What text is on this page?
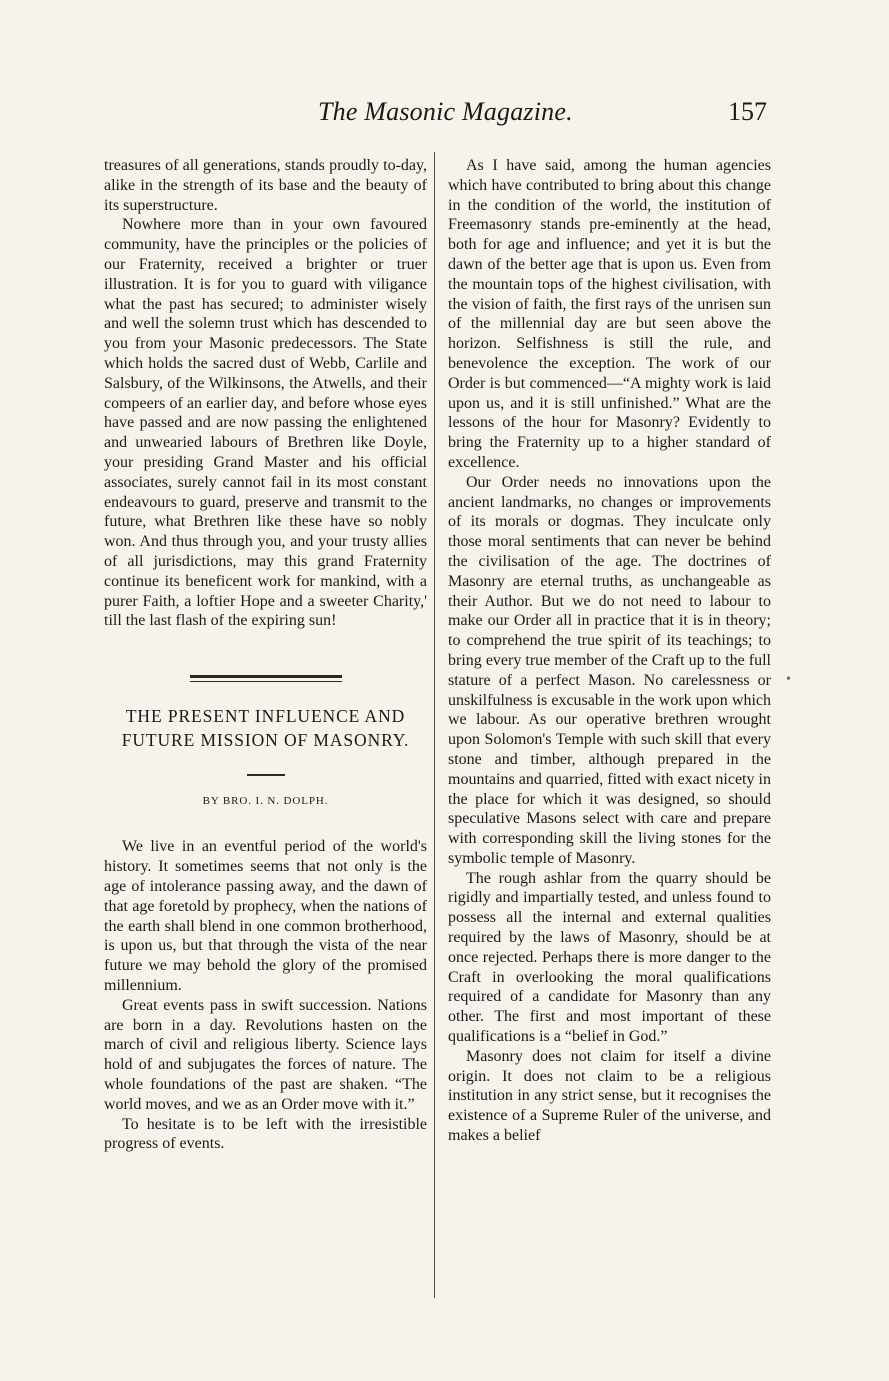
The Masonic Magazine.	157

treasures of all generations, stands proudly to-day, alike in the strength of its base and the beauty of its superstructure.

Nowhere more than in your own favoured community, have the principles or the policies of our Fraternity, received a brighter or truer illustration. It is for you to guard with viligance what the past has secured; to administer wisely and well the solemn trust which has descended to you from your Masonic predecessors. The State which holds the sacred dust of Webb, Carlile and Salsbury, of the Wilkinsons, the Atwells, and their compeers of an earlier day, and before whose eyes have passed and are now passing the enlightened and unwearied labours of Brethren like Doyle, your presiding Grand Master and his official associates, surely cannot fail in its most constant endeavours to guard, preserve and transmit to the future, what Brethren like these have so nobly won. And thus through you, and your trusty allies of all jurisdictions, may this grand Fraternity continue its beneficent work for mankind, with a purer Faith, a loftier Hope and a sweeter Charity,' till the last flash of the expiring sun!

THE PRESENT INFLUENCE AND
FUTURE MISSION OF MASONRY.
BY BRO. I. N. DOLPH.

We live in an eventful period of the world's history. It sometimes seems that not only is the age of intolerance passing away, and the dawn of that age foretold by prophecy, when the nations of the earth shall blend in one common brotherhood, is upon us, but that through the vista of the near future we may behold the glory of the promised millennium.

Great events pass in swift succession. Nations are born in a day. Revolutions hasten on the march of civil and religious liberty. Science lays hold of and subjugates the forces of nature. The whole foundations of the past are shaken. “The world moves, and we as an Order move with it.”

To hesitate is to be left with the irresistible progress of events.

As I have said, among the human agencies which have contributed to bring about this change in the condition of the world, the institution of Freemasonry stands pre-eminently at the head, both for age and influence; and yet it is but the dawn of the better age that is upon us. Even from the mountain tops of the highest civilisation, with the vision of faith, the first rays of the unrisen sun of the millennial day are but seen above the horizon. Selfishness is still the rule, and benevolence the exception. The work of our Order is but commenced—“A mighty work is laid upon us, and it is still unfinished.” What are the lessons of the hour for Masonry? Evidently to bring the Fraternity up to a higher standard of excellence.

Our Order needs no innovations upon the ancient landmarks, no changes or improvements of its morals or dogmas. They inculcate only those moral sentiments that can never be behind the civilisation of the age. The doctrines of Masonry are eternal truths, as unchangeable as their Author. But we do not need to labour to make our Order all in practice that it is in theory; to comprehend the true spirit of its teachings; to bring every true member of the Craft up to the full stature of a perfect Mason. No carelessness or unskilfulness is excusable in the work upon which we labour. As our operative brethren wrought upon Solomon's Temple with such skill that every stone and timber, although prepared in the mountains and quarried, fitted with exact nicety in the place for which it was designed, so should speculative Masons select with care and prepare with corresponding skill the living stones for the symbolic temple of Masonry.

The rough ashlar from the quarry should be rigidly and impartially tested, and unless found to possess all the internal and external qualities required by the laws of Masonry, should be at once rejected. Perhaps there is more danger to the Craft in overlooking the moral qualifications required of a candidate for Masonry than any other. The first and most important of these qualifications is a “belief in God.”

Masonry does not claim for itself a divine origin. It does not claim to be a religious institution in any strict sense, but it recognises the existence of a Supreme Ruler of the universe, and makes a belief

•
